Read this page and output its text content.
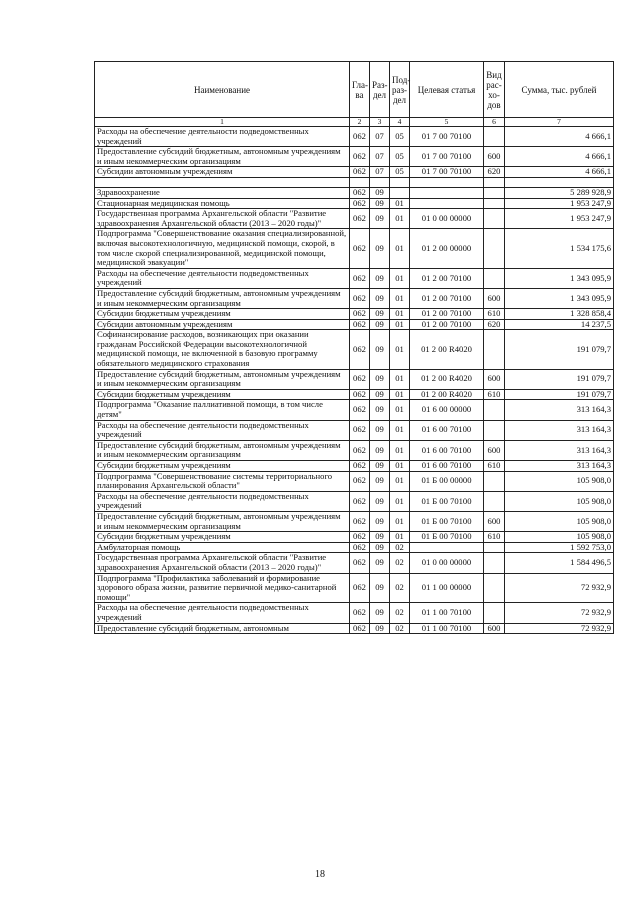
Наименование	Гла-ва	Раз-дел	Под-раз-дел	Целевая статья	Вид рас-хо-дов	Сумма, тыс. рублей
1	2	3	4	5	6	7
Расходы на обеспечение деятельности подведомственных учреждений	062	07	05	01 7 00 70100		4 666,1
Предоставление субсидий бюджетным, автономным учреждениям и иным некоммерческим организациям	062	07	05	01 7 00 70100	600	4 666,1
Субсидии автономным учреждениям	062	07	05	01 7 00 70100	620	4 666,1

Здравоохранение	062	09				5 289 928,9
Стационарная медицинская помощь	062	09	01			1 953 247,9
Государственная программа Архангельской области "Развитие здравоохранения Архангельской области (2013 – 2020 годы)"	062	09	01	01 0 00 00000		1 953 247,9
Подпрограмма "Совершенствование оказания специализированной, включая высокотехнологичную, медицинской помощи, скорой, в том числе скорой специализированной, медицинской помощи, медицинской эвакуации"	062	09	01	01 2 00 00000		1 534 175,6
Расходы на обеспечение деятельности подведомственных учреждений	062	09	01	01 2 00 70100		1 343 095,9
Предоставление субсидий бюджетным, автономным учреждениям и иным некоммерческим организациям	062	09	01	01 2 00 70100	600	1 343 095,9
Субсидии бюджетным учреждениям	062	09	01	01 2 00 70100	610	1 328 858,4
Субсидии автономным учреждениям	062	09	01	01 2 00 70100	620	14 237,5
Софинансирование расходов, возникающих при оказании гражданам Российской Федерации высокотехнологичной медицинской помощи, не включенной в базовую программу обязательного медицинского страхования	062	09	01	01 2 00 R4020		191 079,7
Предоставление субсидий бюджетным, автономным учреждениям и иным некоммерческим организациям	062	09	01	01 2 00 R4020	600	191 079,7
Субсидии бюджетным учреждениям	062	09	01	01 2 00 R4020	610	191 079,7
Подпрограмма "Оказание паллиативной помощи, в том числе детям"	062	09	01	01 6 00 00000		313 164,3
Расходы на обеспечение деятельности подведомственных учреждений	062	09	01	01 6 00 70100		313 164,3
Предоставление субсидий бюджетным, автономным учреждениям и иным некоммерческим организациям	062	09	01	01 6 00 70100	600	313 164,3
Субсидии бюджетным учреждениям	062	09	01	01 6 00 70100	610	313 164,3
Подпрограмма "Совершенствование системы территориального планирования Архангельской области"	062	09	01	01 Б 00 00000		105 908,0
Расходы на обеспечение деятельности подведомственных учреждений	062	09	01	01 Б 00 70100		105 908,0
Предоставление субсидий бюджетным, автономным учреждениям и иным некоммерческим организациям	062	09	01	01 Б 00 70100	600	105 908,0
Субсидии бюджетным учреждениям	062	09	01	01 Б 00 70100	610	105 908,0
Амбулаторная помощь	062	09	02			1 592 753,0
Государственная программа Архангельской области "Развитие здравоохранения Архангельской области (2013 – 2020 годы)"	062	09	02	01 0 00 00000		1 584 496,5
Подпрограмма "Профилактика заболеваний и формирование здорового образа жизни, развитие первичной медико-санитарной помощи"	062	09	02	01 1 00 00000		72 932,9
Расходы на обеспечение деятельности подведомственных учреждений	062	09	02	01 1 00 70100		72 932,9
Предоставление субсидий бюджетным, автономным	062	09	02	01 1 00 70100	600	72 932,9
18
